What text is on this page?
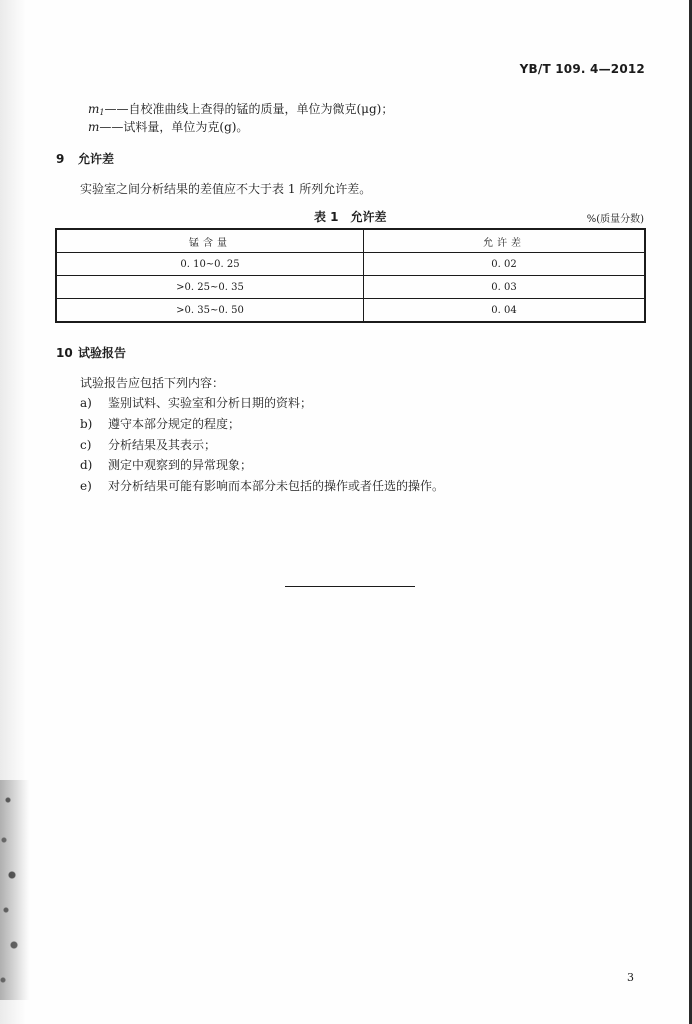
YB/T 109. 4—2012
$m_1——$自校准曲线上查得的锰的质量，单位为微克(μg)；
m——试料量，单位为克(g)。
9 允许差
实验室之间分析结果的差值应不大于表 1 所列允许差。
表 1　允许差	%(质量分数)
锰含量	允许差
0. 10~0. 25	0. 02
>0. 25~0. 35	0. 03
>0. 35~0. 50	0. 04
10 试验报告
试验报告应包括下列内容：
a) 鉴别试料、实验室和分析日期的资料；
b) 遵守本部分规定的程度；
c) 分析结果及其表示；
d) 测定中观察到的异常现象；
e) 对分析结果可能有影响而本部分未包括的操作或者任选的操作。
3
